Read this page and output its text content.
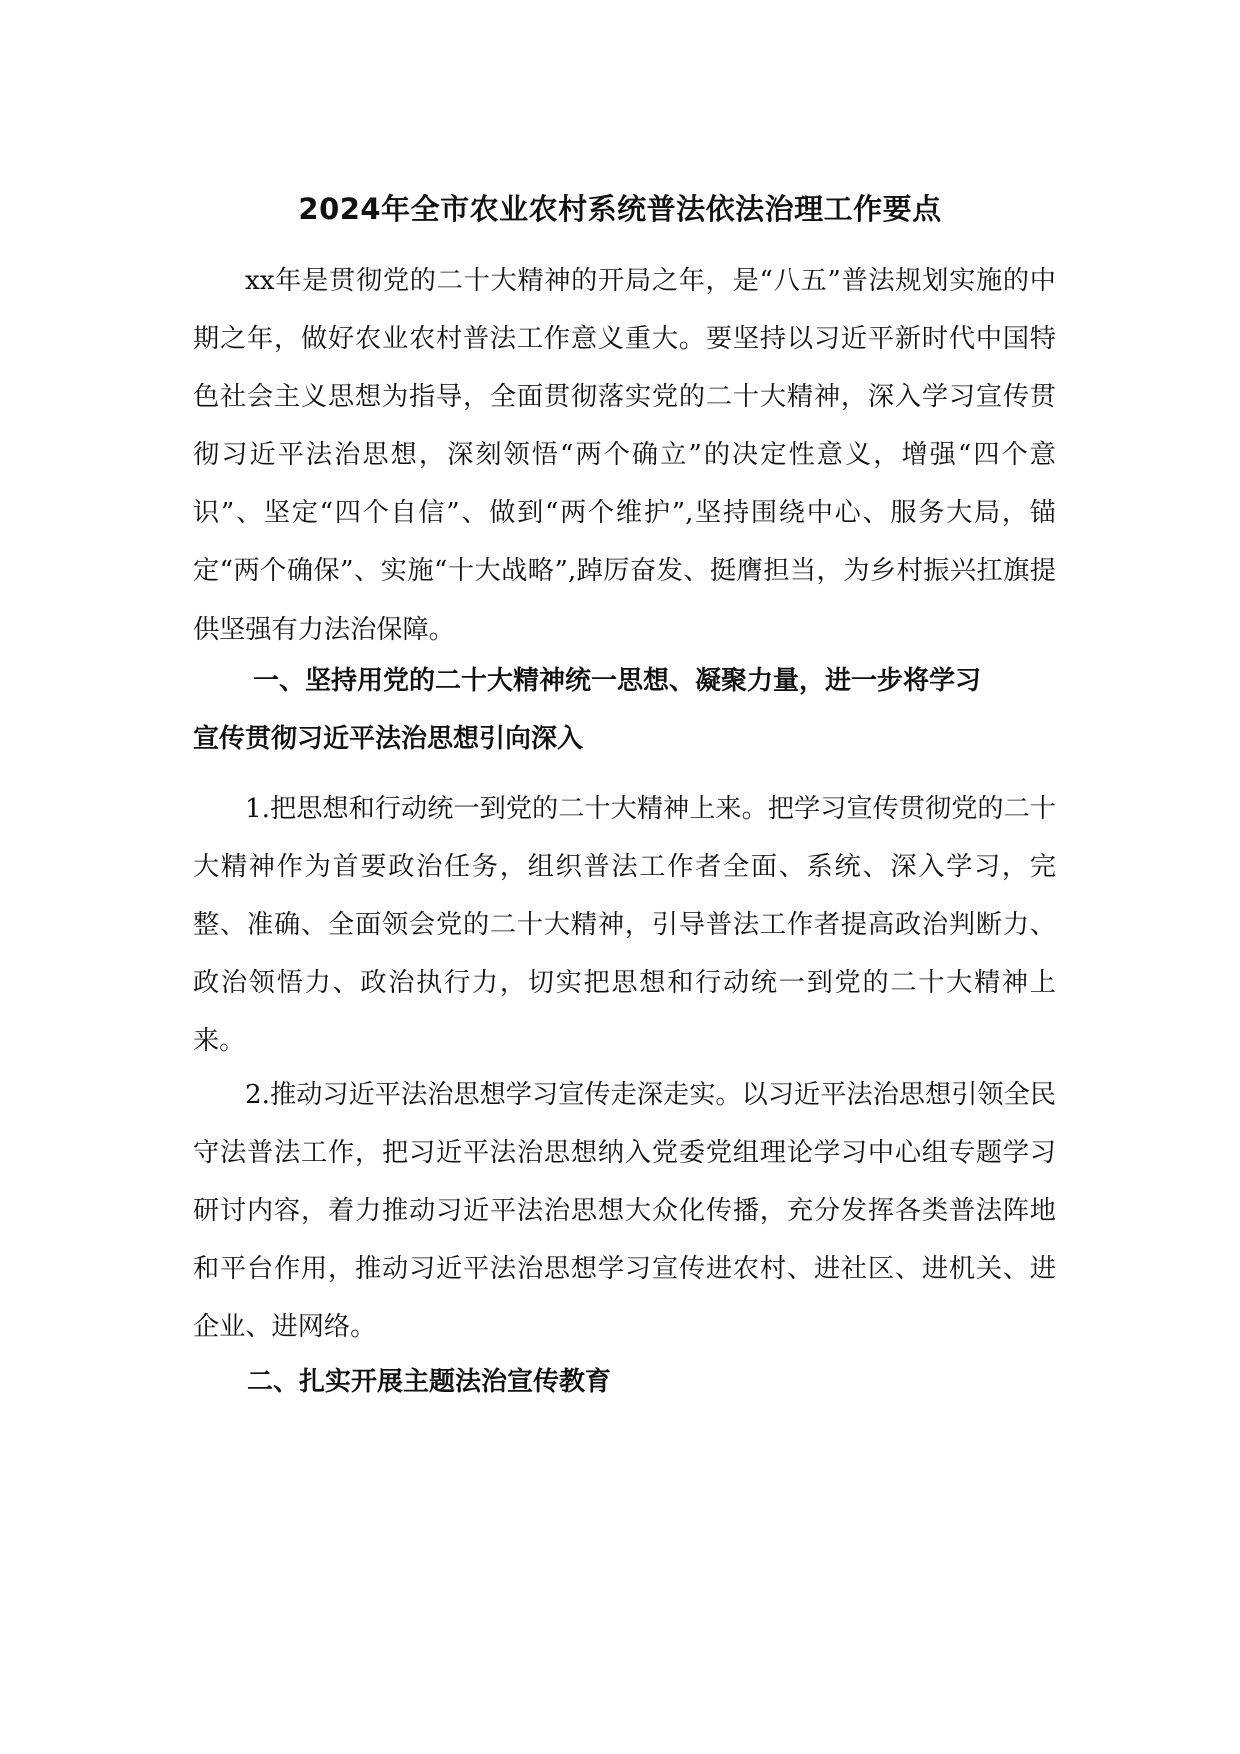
2024年全市农业农村系统普法依法治理工作要点

xx年是贯彻党的二十大精神的开局之年，是“八五”普法规划实施的中期之年，做好农业农村普法工作意义重大。要坚持以习近平新时代中国特色社会主义思想为指导，全面贯彻落实党的二十大精神，深入学习宣传贯彻习近平法治思想，深刻领悟“两个确立”的决定性意义，增强“四个意识”、坚定“四个自信”、做到“两个维护”,坚持围绕中心、服务大局，锚定“两个确保”、实施“十大战略”,踔厉奋发、挺膺担当，为乡村振兴扛旗提供坚强有力法治保障。

一、坚持用党的二十大精神统一思想、凝聚力量，进一步将学习

宣传贯彻习近平法治思想引向深入

1.把思想和行动统一到党的二十大精神上来。把学习宣传贯彻党的二十大精神作为首要政治任务，组织普法工作者全面、系统、深入学习，完整、准确、全面领会党的二十大精神，引导普法工作者提高政治判断力、政治领悟力、政治执行力，切实把思想和行动统一到党的二十大精神上来。

2.推动习近平法治思想学习宣传走深走实。以习近平法治思想引领全民守法普法工作，把习近平法治思想纳入党委党组理论学习中心组专题学习研讨内容，着力推动习近平法治思想大众化传播，充分发挥各类普法阵地和平台作用，推动习近平法治思想学习宣传进农村、进社区、进机关、进企业、进网络。

二、扎实开展主题法治宣传教育
